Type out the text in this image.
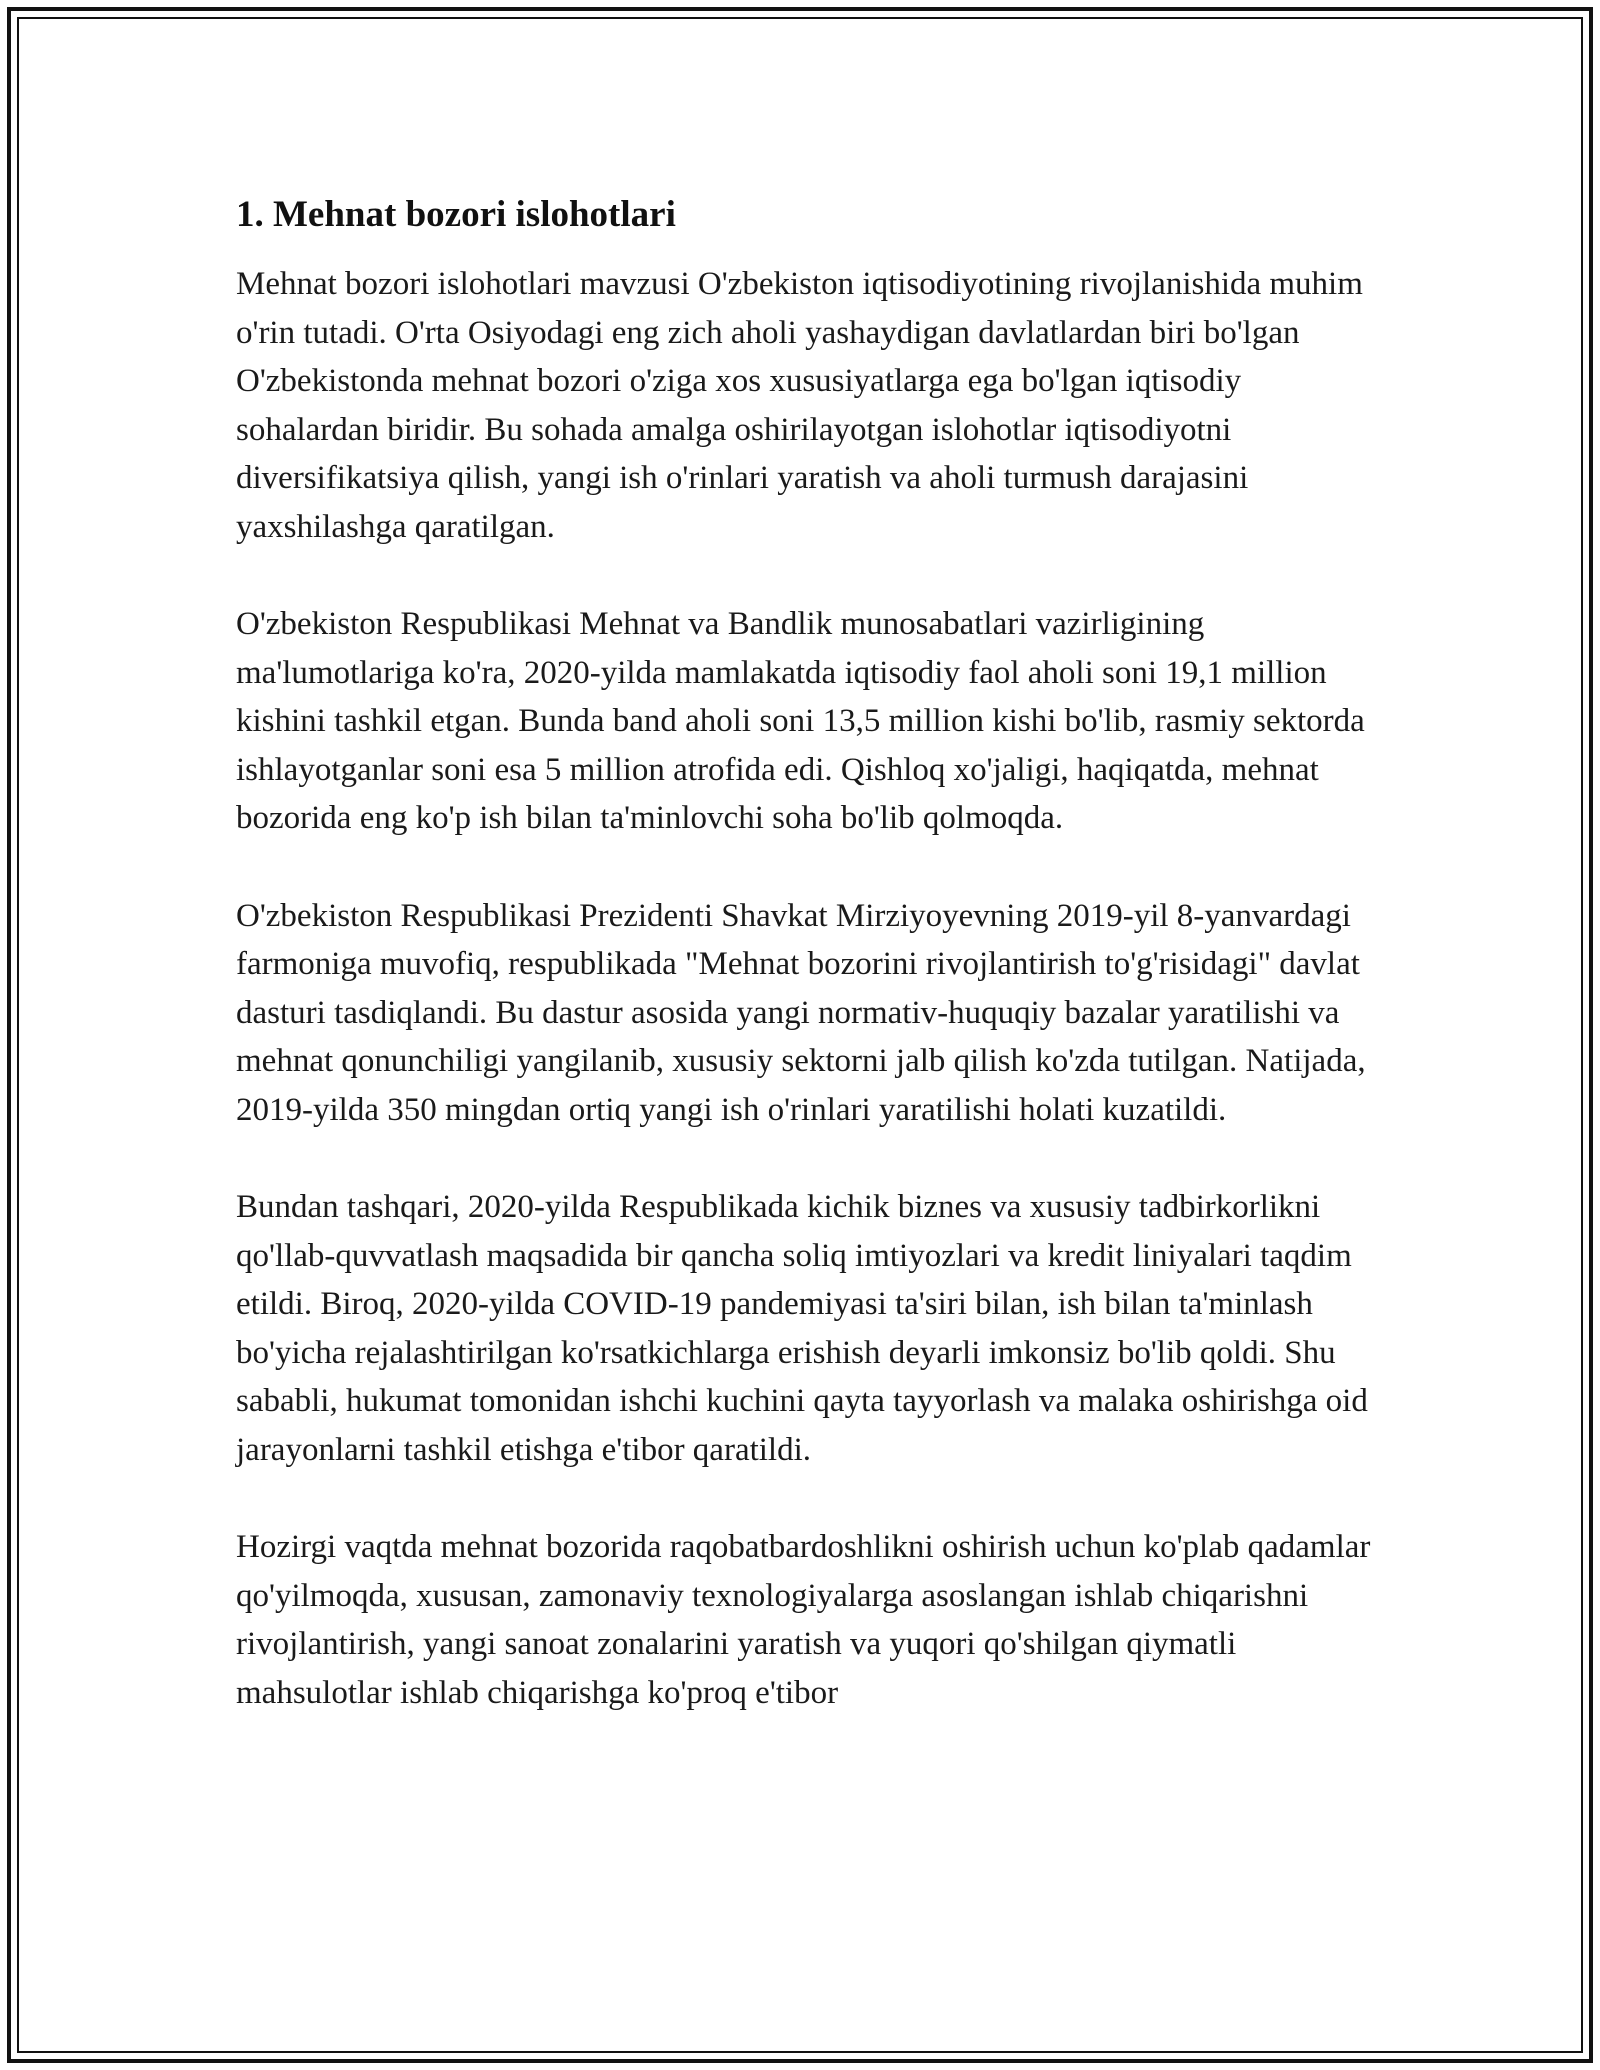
1. Mehnat bozori islohotlari

Mehnat bozori islohotlari mavzusi O'zbekiston iqtisodiyotining rivojlanishida muhim o'rin tutadi. O'rta Osiyodagi eng zich aholi yashaydigan davlatlardan biri bo'lgan O'zbekistonda mehnat bozori o'ziga xos xususiyatlarga ega bo'lgan iqtisodiy sohalardan biridir. Bu sohada amalga oshirilayotgan islohotlar iqtisodiyotni diversifikatsiya qilish, yangi ish o'rinlari yaratish va aholi turmush darajasini yaxshilashga qaratilgan.

O'zbekiston Respublikasi Mehnat va Bandlik munosabatlari vazirligining ma'lumotlariga ko'ra, 2020-yilda mamlakatda iqtisodiy faol aholi soni 19,1 million kishini tashkil etgan. Bunda band aholi soni 13,5 million kishi bo'lib, rasmiy sektorda ishlayotganlar soni esa 5 million atrofida edi. Qishloq xo'jaligi, haqiqatda, mehnat bozorida eng ko'p ish bilan ta'minlovchi soha bo'lib qolmoqda.

O'zbekiston Respublikasi Prezidenti Shavkat Mirziyoyevning 2019-yil 8-yanvardagi farmoniga muvofiq, respublikada "Mehnat bozorini rivojlantirish to'g'risidagi" davlat dasturi tasdiqlandi. Bu dastur asosida yangi normativ-huquqiy bazalar yaratilishi va mehnat qonunchiligi yangilanib, xususiy sektorni jalb qilish ko'zda tutilgan. Natijada, 2019-yilda 350 mingdan ortiq yangi ish o'rinlari yaratilishi holati kuzatildi.

Bundan tashqari, 2020-yilda Respublikada kichik biznes va xususiy tadbirkorlikni qo'llab-quvvatlash maqsadida bir qancha soliq imtiyozlari va kredit liniyalari taqdim etildi. Biroq, 2020-yilda COVID-19 pandemiyasi ta'siri bilan, ish bilan ta'minlash bo'yicha rejalashtirilgan ko'rsatkichlarga erishish deyarli imkonsiz bo'lib qoldi. Shu sababli, hukumat tomonidan ishchi kuchini qayta tayyorlash va malaka oshirishga oid jarayonlarni tashkil etishga e'tibor qaratildi.

Hozirgi vaqtda mehnat bozorida raqobatbardoshlikni oshirish uchun ko'plab qadamlar qo'yilmoqda, xususan, zamonaviy texnologiyalarga asoslangan ishlab chiqarishni rivojlantirish, yangi sanoat zonalarini yaratish va yuqori qo'shilgan qiymatli mahsulotlar ishlab chiqarishga ko'proq e'tibor
